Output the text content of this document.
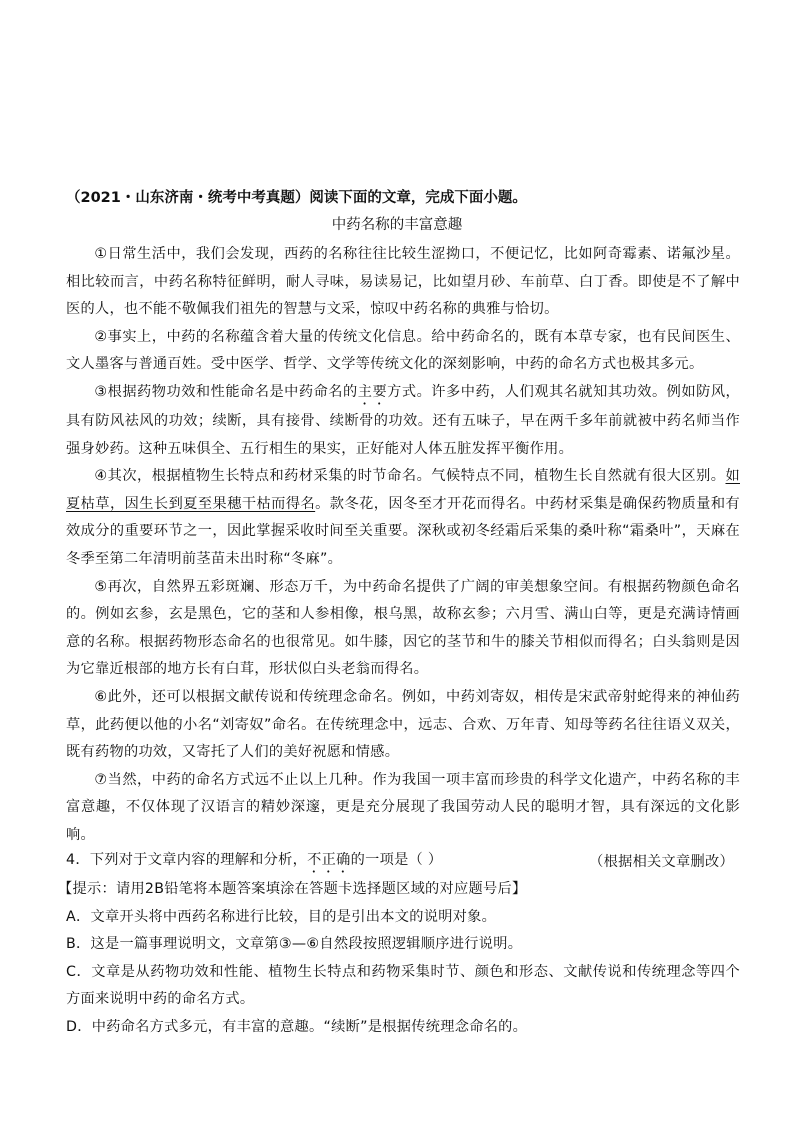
（2021・山东济南・统考中考真题）阅读下面的文章，完成下面小题。
中药名称的丰富意趣

①日常生活中，我们会发现，西药的名称往往比较生涩拗口，不便记忆，比如阿奇霉素、诺氟沙星。相比较而言，中药名称特征鲜明，耐人寻味，易读易记，比如望月砂、车前草、白丁香。即使是不了解中医的人，也不能不敬佩我们祖先的智慧与文采，惊叹中药名称的典雅与恰切。

②事实上，中药的名称蕴含着大量的传统文化信息。给中药命名的，既有本草专家，也有民间医生、文人墨客与普通百姓。受中医学、哲学、文学等传统文化的深刻影响，中药的命名方式也极其多元。

③根据药物功效和性能命名是中药命名的主要方式。许多中药，人们观其名就知其功效。例如防风，具有防风祛风的功效；续断，具有接骨、续断骨的功效。还有五味子，早在两千多年前就被中药名师当作强身妙药。这种五味俱全、五行相生的果实，正好能对人体五脏发挥平衡作用。

④其次，根据植物生长特点和药材采集的时节命名。气候特点不同，植物生长自然就有很大区别。如夏枯草，因生长到夏至果穗干枯而得名。款冬花，因冬至才开花而得名。中药材采集是确保药物质量和有效成分的重要环节之一，因此掌握采收时间至关重要。深秋或初冬经霜后采集的桑叶称“霜桑叶”，天麻在冬季至第二年清明前茎苗未出时称“冬麻”。

⑤再次，自然界五彩斑斓、形态万千，为中药命名提供了广阔的审美想象空间。有根据药物颜色命名的。例如玄参，玄是黑色，它的茎和人参相像，根乌黑，故称玄参；六月雪、满山白等，更是充满诗情画意的名称。根据药物形态命名的也很常见。如牛膝，因它的茎节和牛的膝关节相似而得名；白头翁则是因为它靠近根部的地方长有白茸，形状似白头老翁而得名。

⑥此外，还可以根据文献传说和传统理念命名。例如，中药刘寄奴，相传是宋武帝射蛇得来的神仙药草，此药便以他的小名“刘寄奴”命名。在传统理念中，远志、合欢、万年青、知母等药名往往语义双关，既有药物的功效，又寄托了人们的美好祝愿和情感。

⑦当然，中药的命名方式远不止以上几种。作为我国一项丰富而珍贵的科学文化遗产，中药名称的丰富意趣，不仅体现了汉语言的精妙深邃，更是充分展现了我国劳动人民的聪明才智，具有深远的文化影响。

（根据相关文章删改）

4．下列对于文章内容的理解和分析，不正确的一项是（ ）

【提示：请用2B铅笔将本题答案填涂在答题卡选择题区域的对应题号后】

A．文章开头将中西药名称进行比较，目的是引出本文的说明对象。

B．这是一篇事理说明文，文章第③—⑥自然段按照逻辑顺序进行说明。

C．文章是从药物功效和性能、植物生长特点和药物采集时节、颜色和形态、文献传说和传统理念等四个方面来说明中药的命名方式。

D．中药命名方式多元，有丰富的意趣。“续断”是根据传统理念命名的。
